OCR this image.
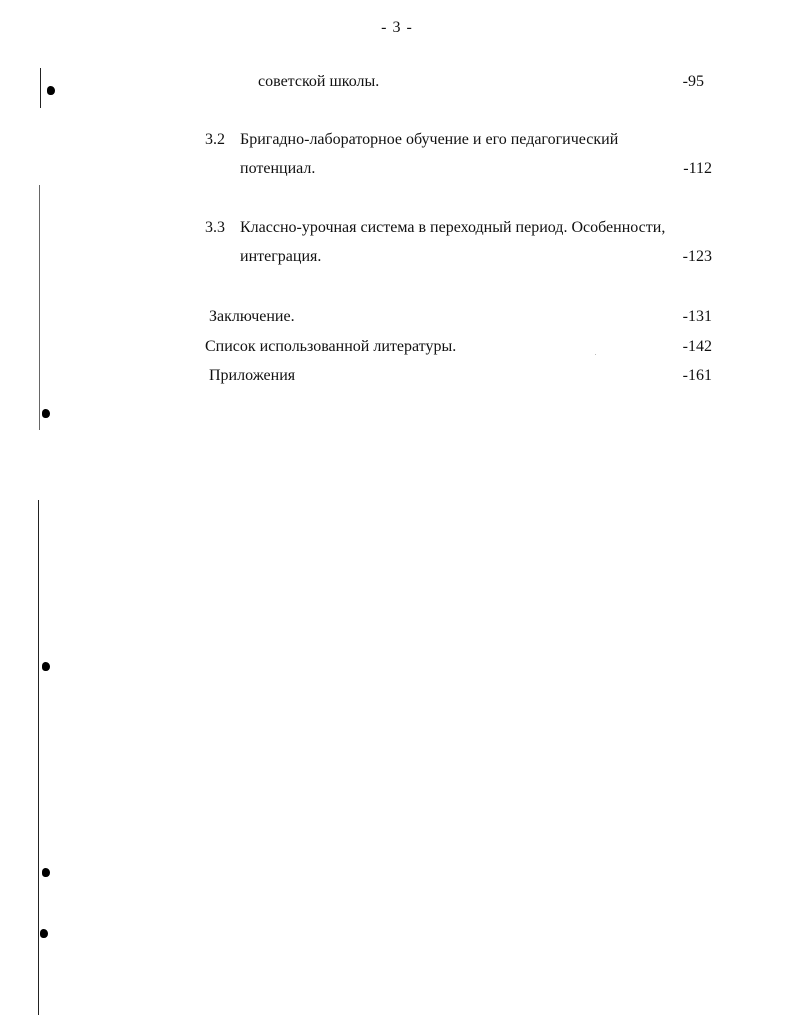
- 3 -
советской школы.	-95
3.2 Бригадно-лабораторное обучение и его педагогический
потенциал.	-112
3.3 Классно-урочная система в переходный период. Особенности,
интеграция.	-123
Заключение.	-131
Список использованной литературы.	-142
Приложения	-161
